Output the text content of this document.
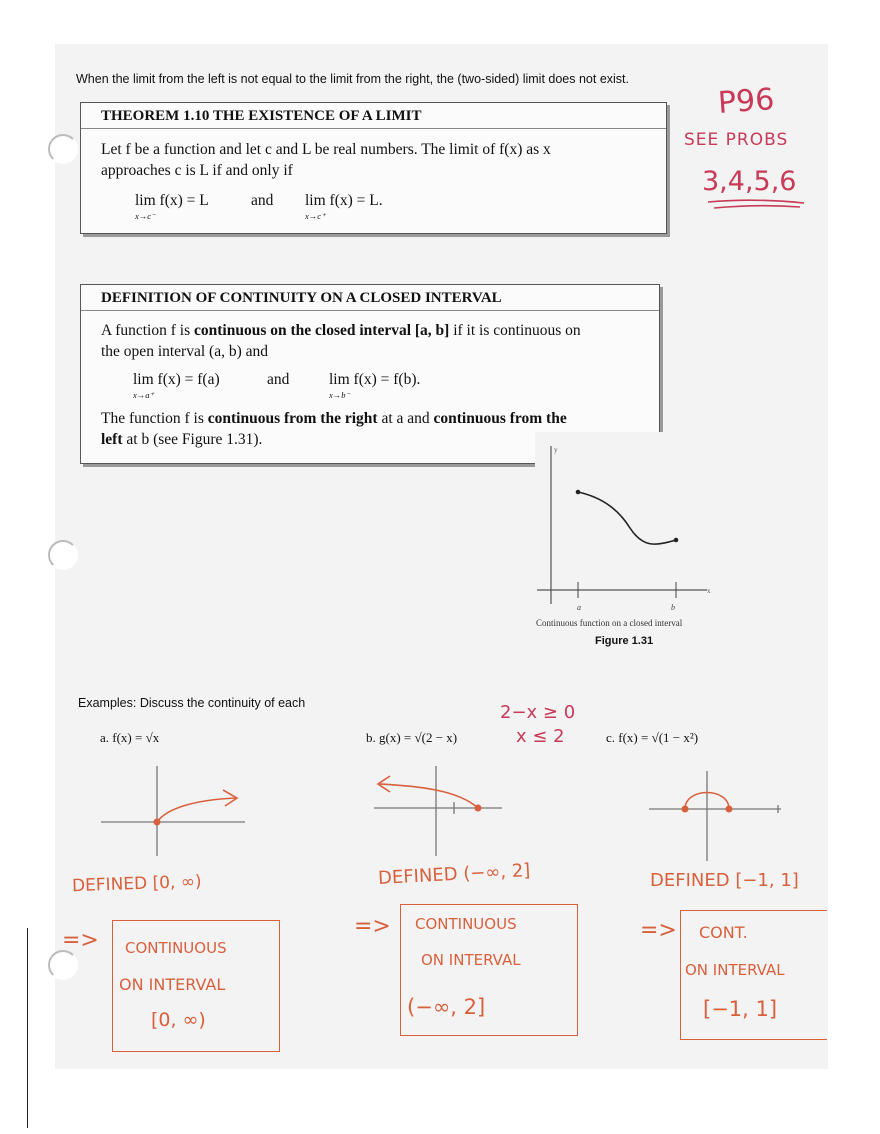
When the limit from the left is not equal to the limit from the right, the (two-sided) limit does not exist.
THEOREM 1.10 THE EXISTENCE OF A LIMIT
Let f be a function and let c and L be real numbers. The limit of f(x) as x
approaches c is L if and only if
lim f(x) = L
x→c⁻
and lim f(x) = L.
x→c⁺
DEFINITION OF CONTINUITY ON A CLOSED INTERVAL
A function f is continuous on the closed interval [a, b] if it is continuous on
the open interval (a, b) and
lim f(x) = f(a)
x→a⁺
and	lim f(x) = f(b).
x→b⁻
The function f is continuous from the right at a and continuous from the
left at b (see Figure 1.31).
y
x
a	b
Continuous function on a closed interval
Figure 1.31
P96
SEE PROBS
3,4,5,6
Examples: Discuss the continuity of each
a. f(x) = √x	b. g(x) = √(2 − x)	c. f(x) = √(1 − x²)
2−x ≥ 0
x ≤ 2
DEFINED [0, ∞)	DEFINED (−∞, 2]	DEFINED [−1, 1]
=>
=>	=>
CONTINUOUS
ON INTERVAL
[0, ∞)
CONTINUOUS
ON INTERVAL
(−∞, 2]
CONT.
ON INTERVAL
[−1, 1]
